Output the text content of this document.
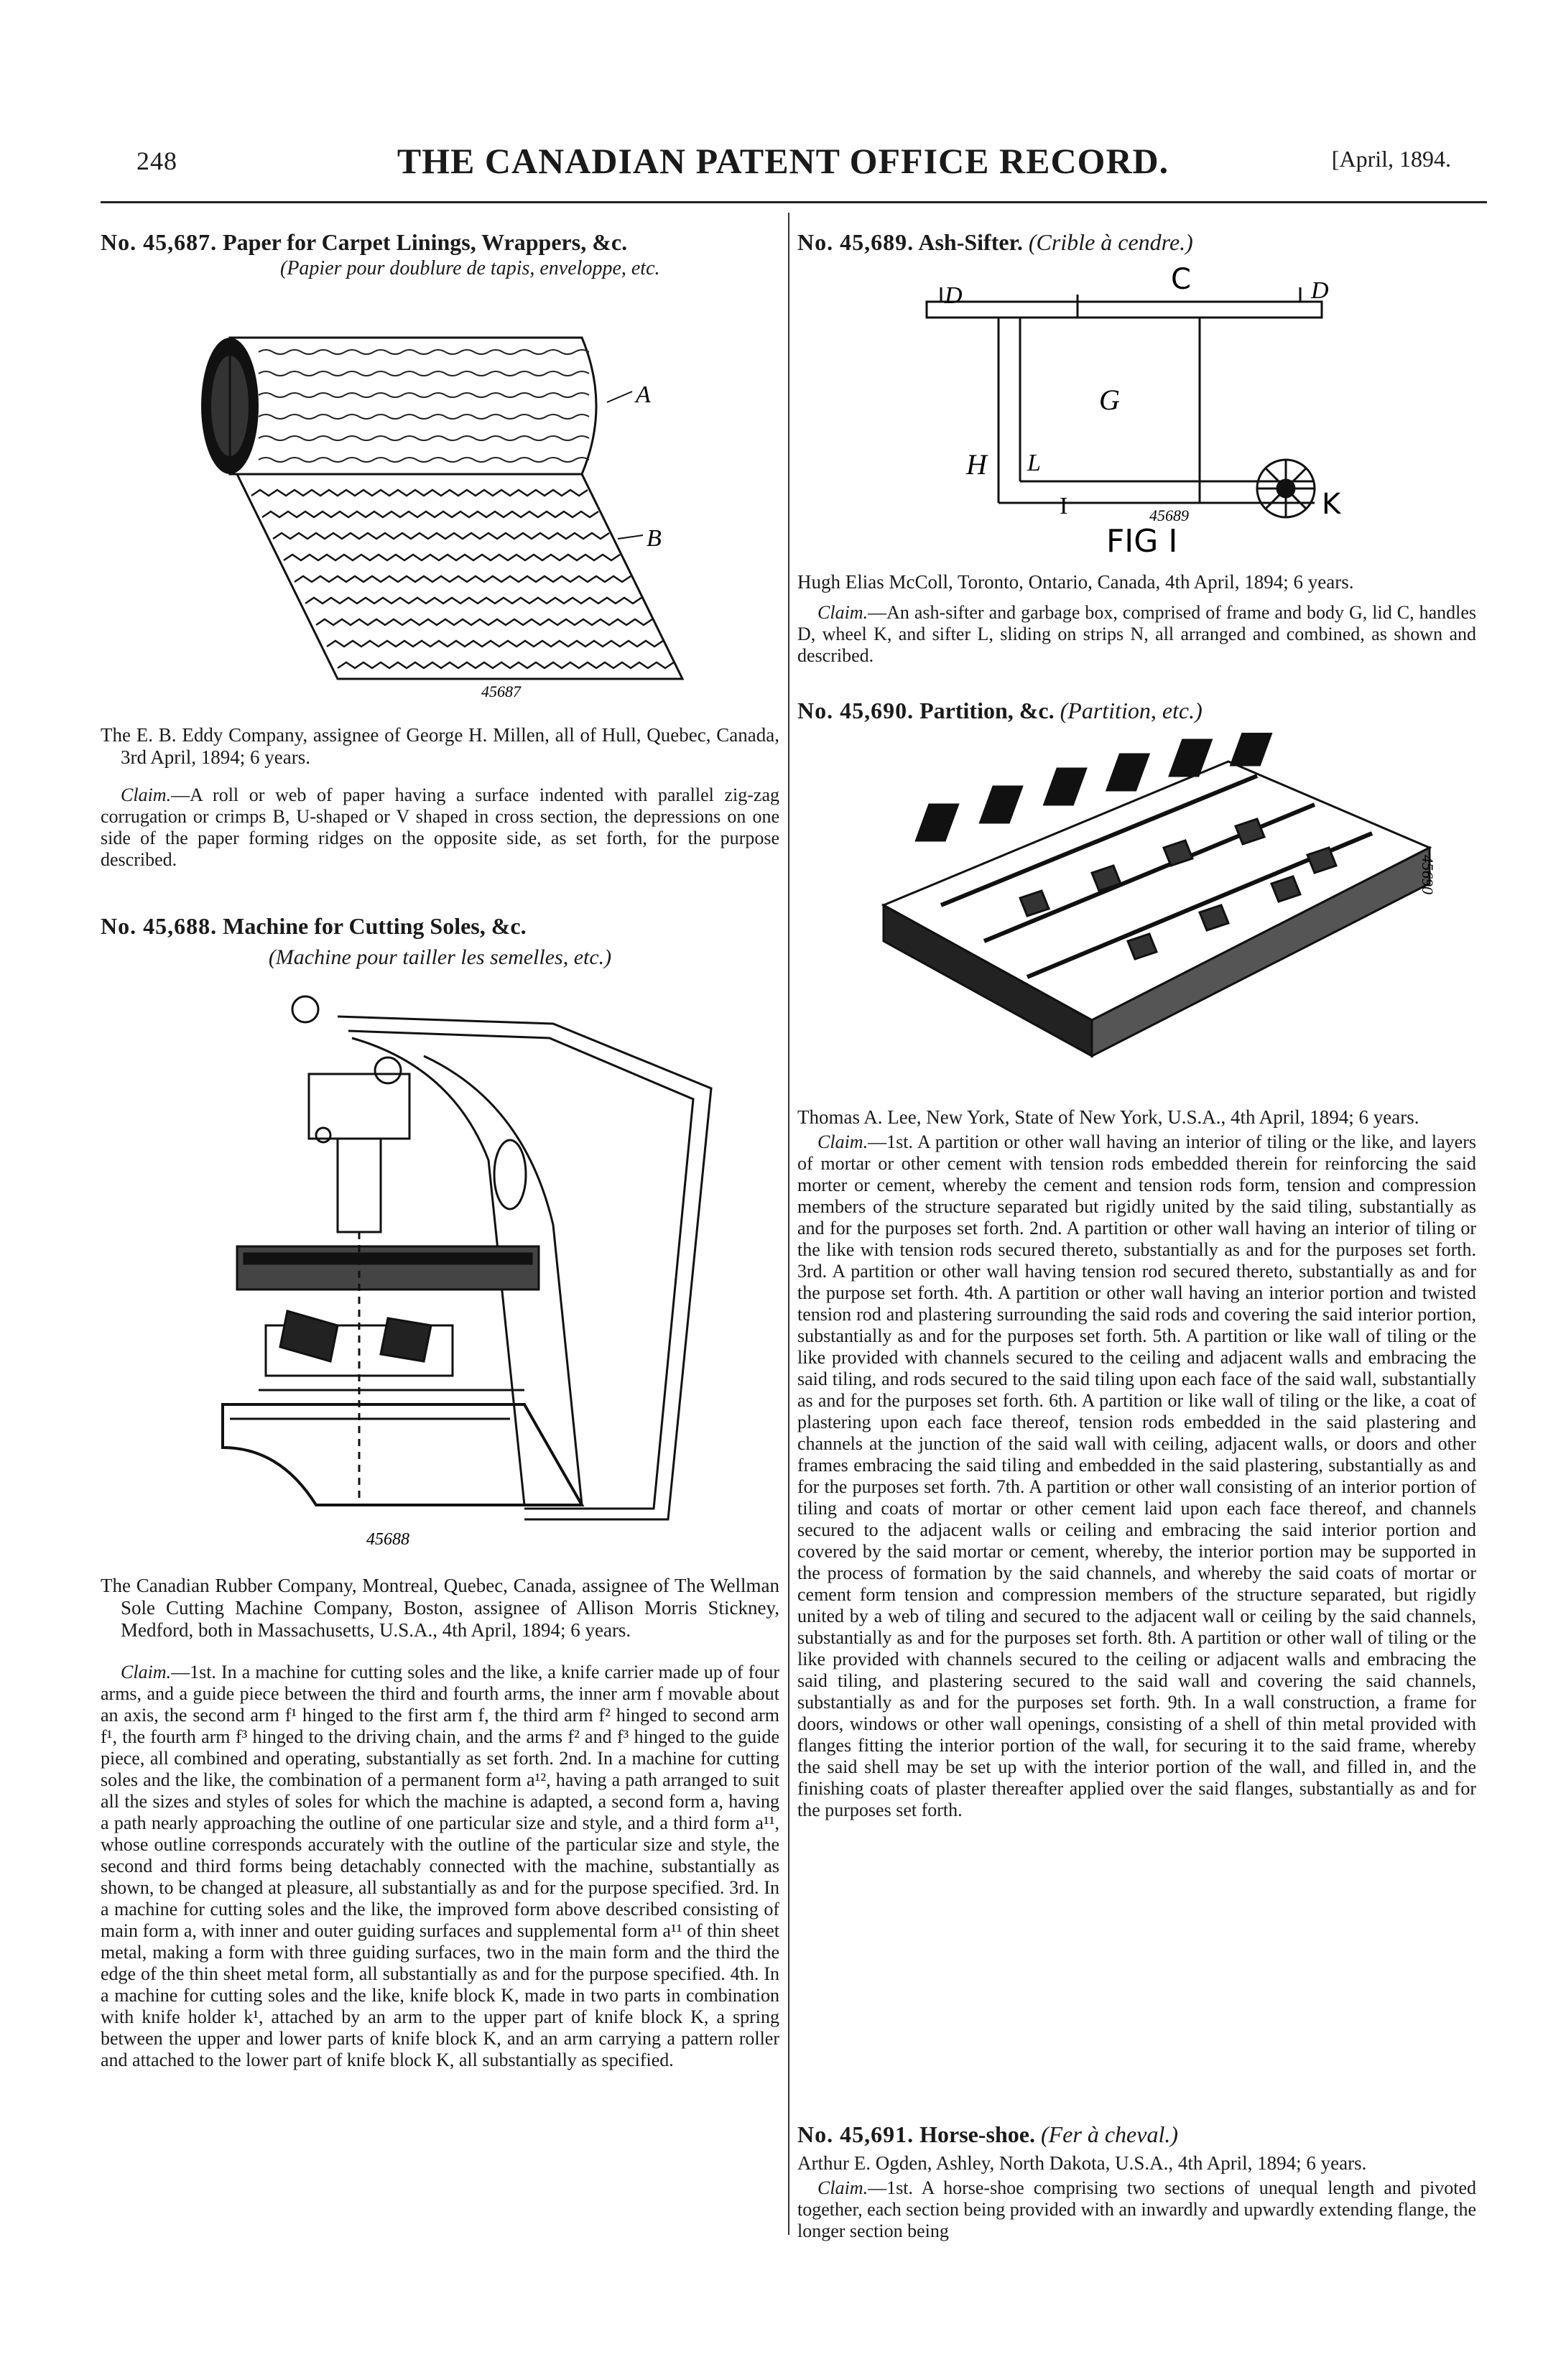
248	THE CANADIAN PATENT OFFICE RECORD.	[April, 1894.

No. 45,687. Paper for Carpet Linings, Wrappers, &c.

(Papier pour doublure de tapis, enveloppe, etc.

A
B
45687

The E. B. Eddy Company, assignee of George H. Millen, all of Hull, Quebec, Canada, 3rd April, 1894; 6 years.

Claim.—A roll or web of paper having a surface indented with parallel zig-zag corrugation or crimps B, U-shaped or V shaped in cross section, the depressions on one side of the paper forming ridges on the opposite side, as set forth, for the purpose described.

No. 45,688. Machine for Cutting Soles, &c.

(Machine pour tailler les semelles, etc.)

45688

The Canadian Rubber Company, Montreal, Quebec, Canada, assignee of The Wellman Sole Cutting Machine Company, Boston, assignee of Allison Morris Stickney, Medford, both in Massachusetts, U.S.A., 4th April, 1894; 6 years.

Claim.—1st. In a machine for cutting soles and the like, a knife carrier made up of four arms, and a guide piece between the third and fourth arms, the inner arm f movable about an axis, the second arm f¹ hinged to the first arm f, the third arm f² hinged to second arm f¹, the fourth arm f³ hinged to the driving chain, and the arms f² and f³ hinged to the guide piece, all combined and operating, substantially as set forth. 2nd. In a machine for cutting soles and the like, the combination of a permanent form a¹², having a path arranged to suit all the sizes and styles of soles for which the machine is adapted, a second form a, having a path nearly approaching the outline of one particular size and style, and a third form a¹¹, whose outline corresponds accurately with the outline of the particular size and style, the second and third forms being detachably connected with the machine, substantially as shown, to be changed at pleasure, all substantially as and for the purpose specified. 3rd. In a machine for cutting soles and the like, the improved form above described consisting of main form a, with inner and outer guiding surfaces and supplemental form a¹¹ of thin sheet metal, making a form with three guiding surfaces, two in the main form and the third the edge of the thin sheet metal form, all substantially as and for the purpose specified. 4th. In a machine for cutting soles and the like, knife block K, made in two parts in combination with knife holder k¹, attached by an arm to the upper part of knife block K, a spring between the upper and lower parts of knife block K, and an arm carrying a pattern roller and attached to the lower part of knife block K, all substantially as specified.

No. 45,689. Ash-Sifter. (Crible à cendre.)

C
D	D
G
H L
I	K
45689
FIG I

Hugh Elias McColl, Toronto, Ontario, Canada, 4th April, 1894; 6 years.

Claim.—An ash-sifter and garbage box, comprised of frame and body G, lid C, handles D, wheel K, and sifter L, sliding on strips N, all arranged and combined, as shown and described.

No. 45,690. Partition, &c. (Partition, etc.)

45690

Thomas A. Lee, New York, State of New York, U.S.A., 4th April, 1894; 6 years.

Claim.—1st. A partition or other wall having an interior of tiling or the like, and layers of mortar or other cement with tension rods embedded therein for reinforcing the said morter or cement, whereby the cement and tension rods form, tension and compression members of the structure separated but rigidly united by the said tiling, substantially as and for the purposes set forth. 2nd. A partition or other wall having an interior of tiling or the like with tension rods secured thereto, substantially as and for the purposes set forth. 3rd. A partition or other wall having tension rod secured thereto, substantially as and for the purpose set forth. 4th. A partition or other wall having an interior portion and twisted tension rod and plastering surrounding the said rods and covering the said interior portion, substantially as and for the purposes set forth. 5th. A partition or like wall of tiling or the like provided with channels secured to the ceiling and adjacent walls and embracing the said tiling, and rods secured to the said tiling upon each face of the said wall, substantially as and for the purposes set forth. 6th. A partition or like wall of tiling or the like, a coat of plastering upon each face thereof, tension rods embedded in the said plastering and channels at the junction of the said wall with ceiling, adjacent walls, or doors and other frames embracing the said tiling and embedded in the said plastering, substantially as and for the purposes set forth. 7th. A partition or other wall consisting of an interior portion of tiling and coats of mortar or other cement laid upon each face thereof, and channels secured to the adjacent walls or ceiling and embracing the said interior portion and covered by the said mortar or cement, whereby, the interior portion may be supported in the process of formation by the said channels, and whereby the said coats of mortar or cement form tension and compression members of the structure separated, but rigidly united by a web of tiling and secured to the adjacent wall or ceiling by the said channels, substantially as and for the purposes set forth. 8th. A partition or other wall of tiling or the like provided with channels secured to the ceiling or adjacent walls and embracing the said tiling, and plastering secured to the said wall and covering the said channels, substantially as and for the purposes set forth. 9th. In a wall construction, a frame for doors, windows or other wall openings, consisting of a shell of thin metal provided with flanges fitting the interior portion of the wall, for securing it to the said frame, whereby the said shell may be set up with the interior portion of the wall, and filled in, and the finishing coats of plaster thereafter applied over the said flanges, substantially as and for the purposes set forth.

No. 45,691. Horse-shoe. (Fer à cheval.)

Arthur E. Ogden, Ashley, North Dakota, U.S.A., 4th April, 1894; 6 years.

Claim.—1st. A horse-shoe comprising two sections of unequal length and pivoted together, each section being provided with an inwardly and upwardly extending flange, the longer section being
